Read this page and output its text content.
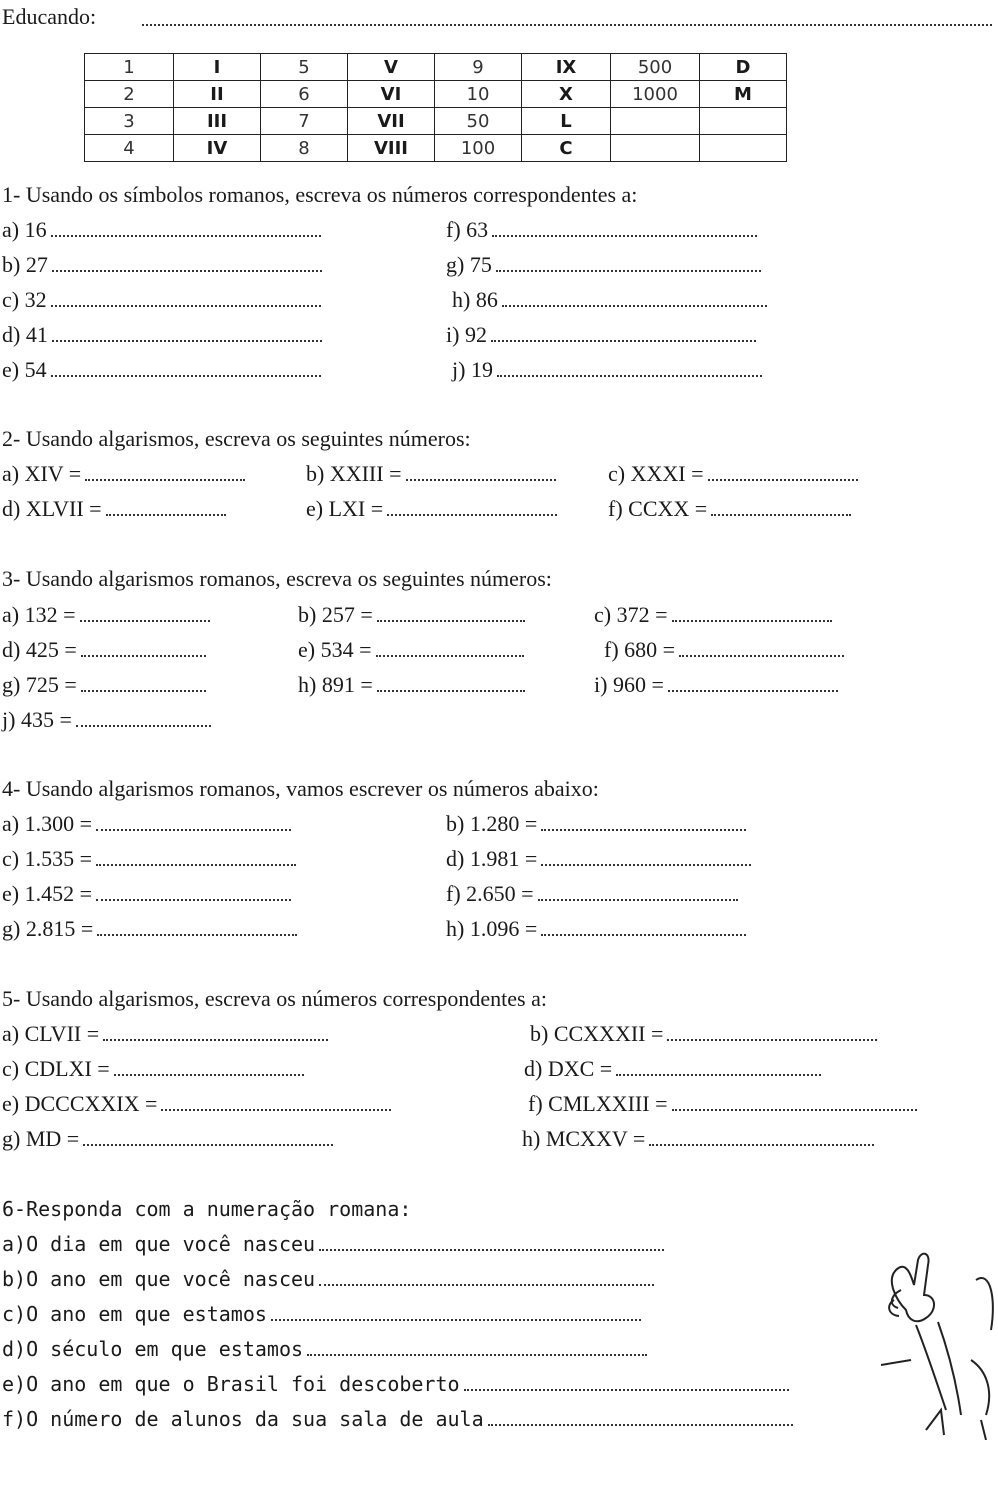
Educando:
1	I	5	V	9	IX	500	D
2	II	6	VI	10	X	1000	M
3	III	7	VII	50	L		
4	IV	8	VIII	100	C		
1- Usando os símbolos romanos, escreva os números correspondentes a:
a) 16
b) 27
c) 32
d) 41
e) 54
f) 63
g) 75
h) 86
i) 92
j) 19
2- Usando algarismos, escreva os seguintes números:
a) XIV =	b) XXIII =	c) XXXI =
d) XLVII =	e) LXI =	f) CCXX =
3- Usando algarismos romanos, escreva os seguintes números:
a) 132 =	b) 257 =	c) 372 =
d) 425 =	e) 534 =	f) 680 =
g) 725 =	h) 891 =	i) 960 =
j) 435 =
4- Usando algarismos romanos, vamos escrever os números abaixo:
a) 1.300 =	b) 1.280 =
c) 1.535 =	d) 1.981 =
e) 1.452 =	f) 2.650 =
g) 2.815 =	h) 1.096 =
5- Usando algarismos, escreva os números correspondentes a:
a) CLVII =	b) CCXXXII =
c) CDLXI =	d) DXC =
e) DCCCXXIX =	f) CMLXXIII =
g) MD =	h) MCXXV =
6-Responda com a numeração romana:
a)O dia em que você nasceu
b)O ano em que você nasceu
c)O ano em que estamos
d)O século em que estamos
e)O ano em que o Brasil foi descoberto
f)O número de alunos da sua sala de aula
